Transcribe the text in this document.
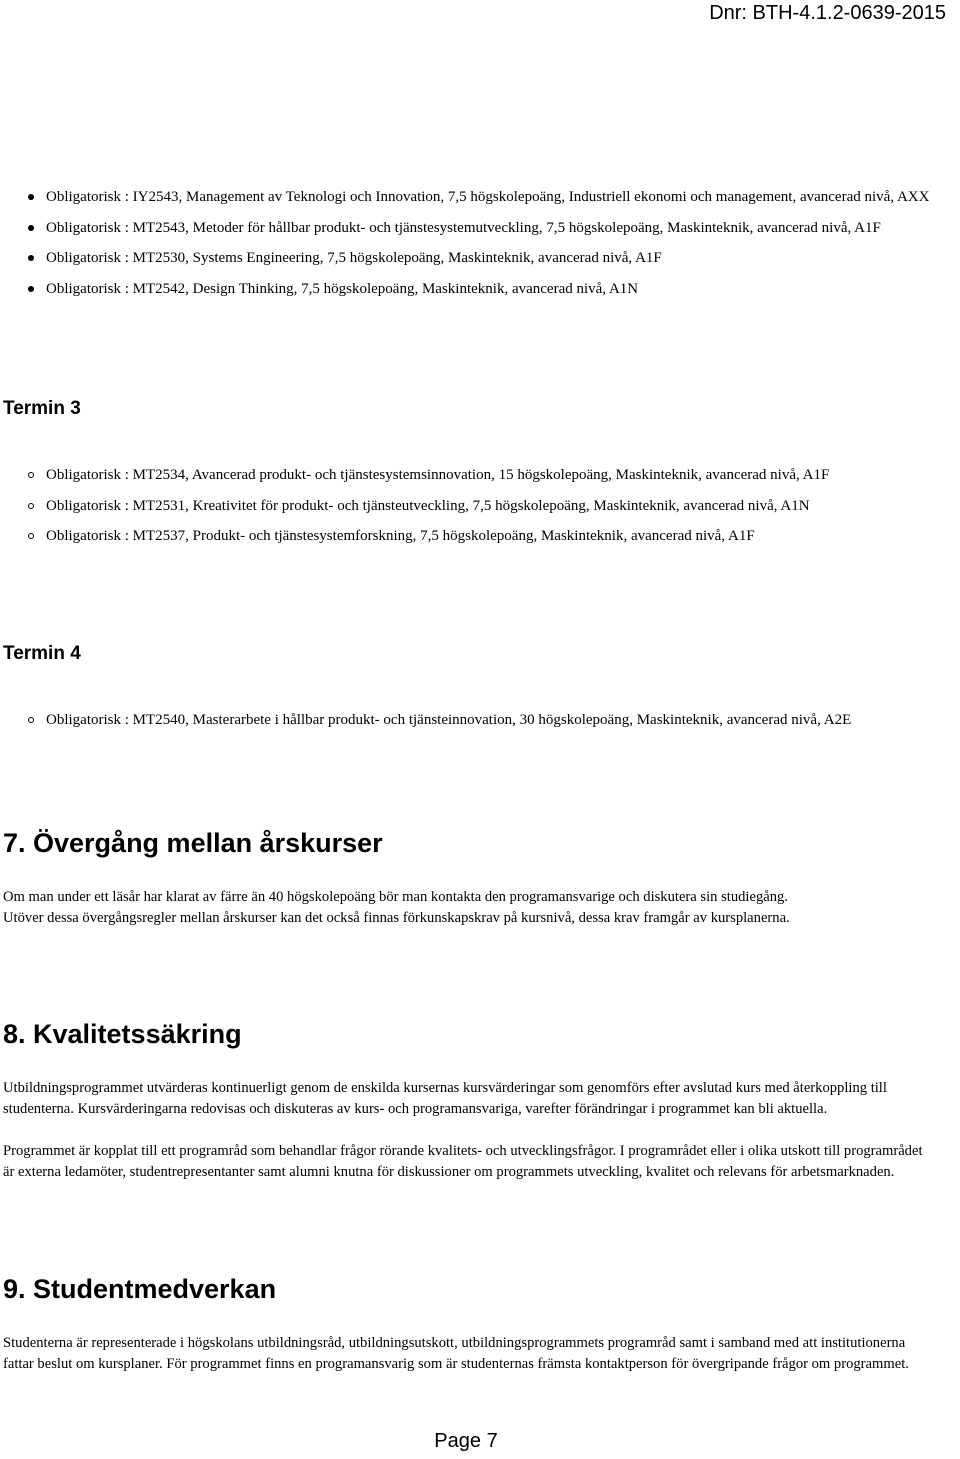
Dnr: BTH-4.1.2-0639-2015
Obligatorisk : IY2543, Management av Teknologi och Innovation, 7,5 högskolepoäng, Industriell ekonomi och management, avancerad nivå, AXX
Obligatorisk : MT2543, Metoder för hållbar produkt- och tjänstesystemutveckling, 7,5 högskolepoäng, Maskinteknik, avancerad nivå, A1F
Obligatorisk : MT2530, Systems Engineering, 7,5 högskolepoäng, Maskinteknik, avancerad nivå, A1F
Obligatorisk : MT2542, Design Thinking, 7,5 högskolepoäng, Maskinteknik, avancerad nivå, A1N
Termin 3
Obligatorisk : MT2534, Avancerad produkt- och tjänstesystemsinnovation, 15 högskolepoäng, Maskinteknik, avancerad nivå, A1F
Obligatorisk : MT2531, Kreativitet för produkt- och tjänsteutveckling, 7,5 högskolepoäng, Maskinteknik, avancerad nivå, A1N
Obligatorisk : MT2537, Produkt- och tjänstesystemforskning, 7,5 högskolepoäng, Maskinteknik, avancerad nivå, A1F
Termin 4
Obligatorisk : MT2540, Masterarbete i hållbar produkt- och tjänsteinnovation, 30 högskolepoäng, Maskinteknik, avancerad nivå, A2E
7. Övergång mellan årskurser

Om man under ett läsår har klarat av färre än 40 högskolepoäng bör man kontakta den programansvarige och diskutera sin studiegång.

Utöver dessa övergångsregler mellan årskurser kan det också finnas förkunskapskrav på kursnivå, dessa krav framgår av kursplanerna.

8. Kvalitetssäkring

Utbildningsprogrammet utvärderas kontinuerligt genom de enskilda kursernas kursvärderingar som genomförs efter avslutad kurs med återkoppling till studenterna. Kursvärderingarna redovisas och diskuteras av kurs- och programansvariga, varefter förändringar i programmet kan bli aktuella.

Programmet är kopplat till ett programråd som behandlar frågor rörande kvalitets- och utvecklingsfrågor. I programrådet eller i olika utskott till programrådet är externa ledamöter, studentrepresentanter samt alumni knutna för diskussioner om programmets utveckling, kvalitet och relevans för arbetsmarknaden.

9. Studentmedverkan

Studenterna är representerade i högskolans utbildningsråd, utbildningsutskott, utbildningsprogrammets programråd samt i samband med att institutionerna fattar beslut om kursplaner. För programmet finns en programansvarig som är studenternas främsta kontaktperson för övergripande frågor om programmet.

Page 7
